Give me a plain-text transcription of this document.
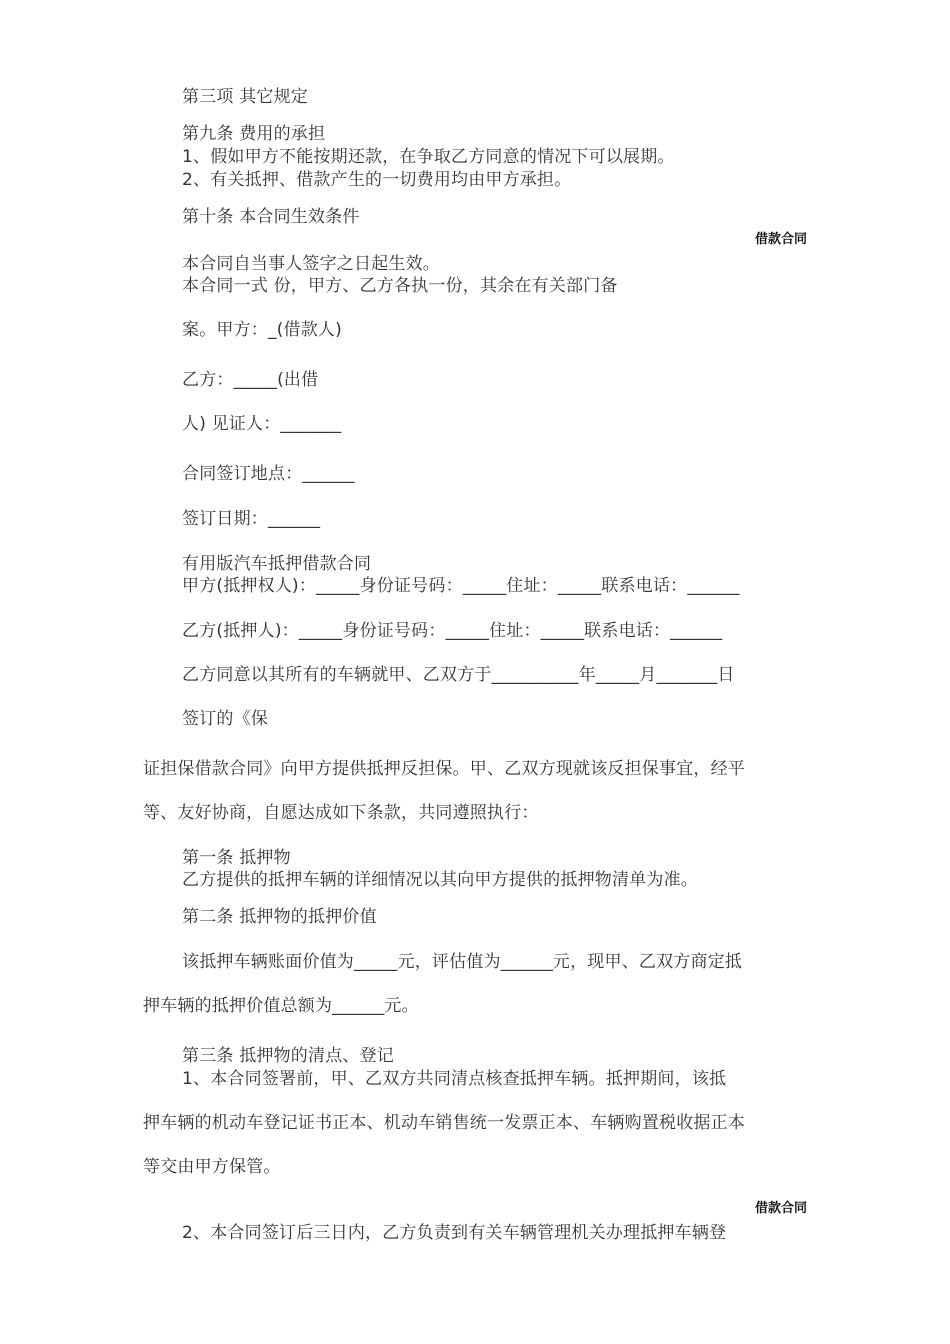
第三项 其它规定
第九条 费用的承担
1、假如甲方不能按期还款，在争取乙方同意的情况下可以展期。
2、有关抵押、借款产生的一切费用均由甲方承担。
第十条 本合同生效条件
借款合同
本合同自当事人签字之日起生效。
本合同一式 份，甲方、乙方各执一份，其余在有关部门备
案。甲方：_(借款人)
乙方：_____(出借
人) 见证人：_______
合同签订地点：______
签订日期：______
有用版汽车抵押借款合同
甲方(抵押权人)：_____身份证号码：_____住址：_____联系电话：______
乙方(抵押人)：_____身份证号码：_____住址：_____联系电话：______
乙方同意以其所有的车辆就甲、乙双方于__________年_____月_______日
签订的《保
证担保借款合同》向甲方提供抵押反担保。甲、乙双方现就该反担保事宜，经平
等、友好协商，自愿达成如下条款，共同遵照执行：
第一条 抵押物
乙方提供的抵押车辆的详细情况以其向甲方提供的抵押物清单为准。
第二条 抵押物的抵押价值
该抵押车辆账面价值为_____元，评估值为______元，现甲、乙双方商定抵
押车辆的抵押价值总额为______元。
第三条 抵押物的清点、登记
1、本合同签署前，甲、乙双方共同清点核查抵押车辆。抵押期间，该抵
押车辆的机动车登记证书正本、机动车销售统一发票正本、车辆购置税收据正本
等交由甲方保管。
借款合同
2、本合同签订后三日内，乙方负责到有关车辆管理机关办理抵押车辆登
